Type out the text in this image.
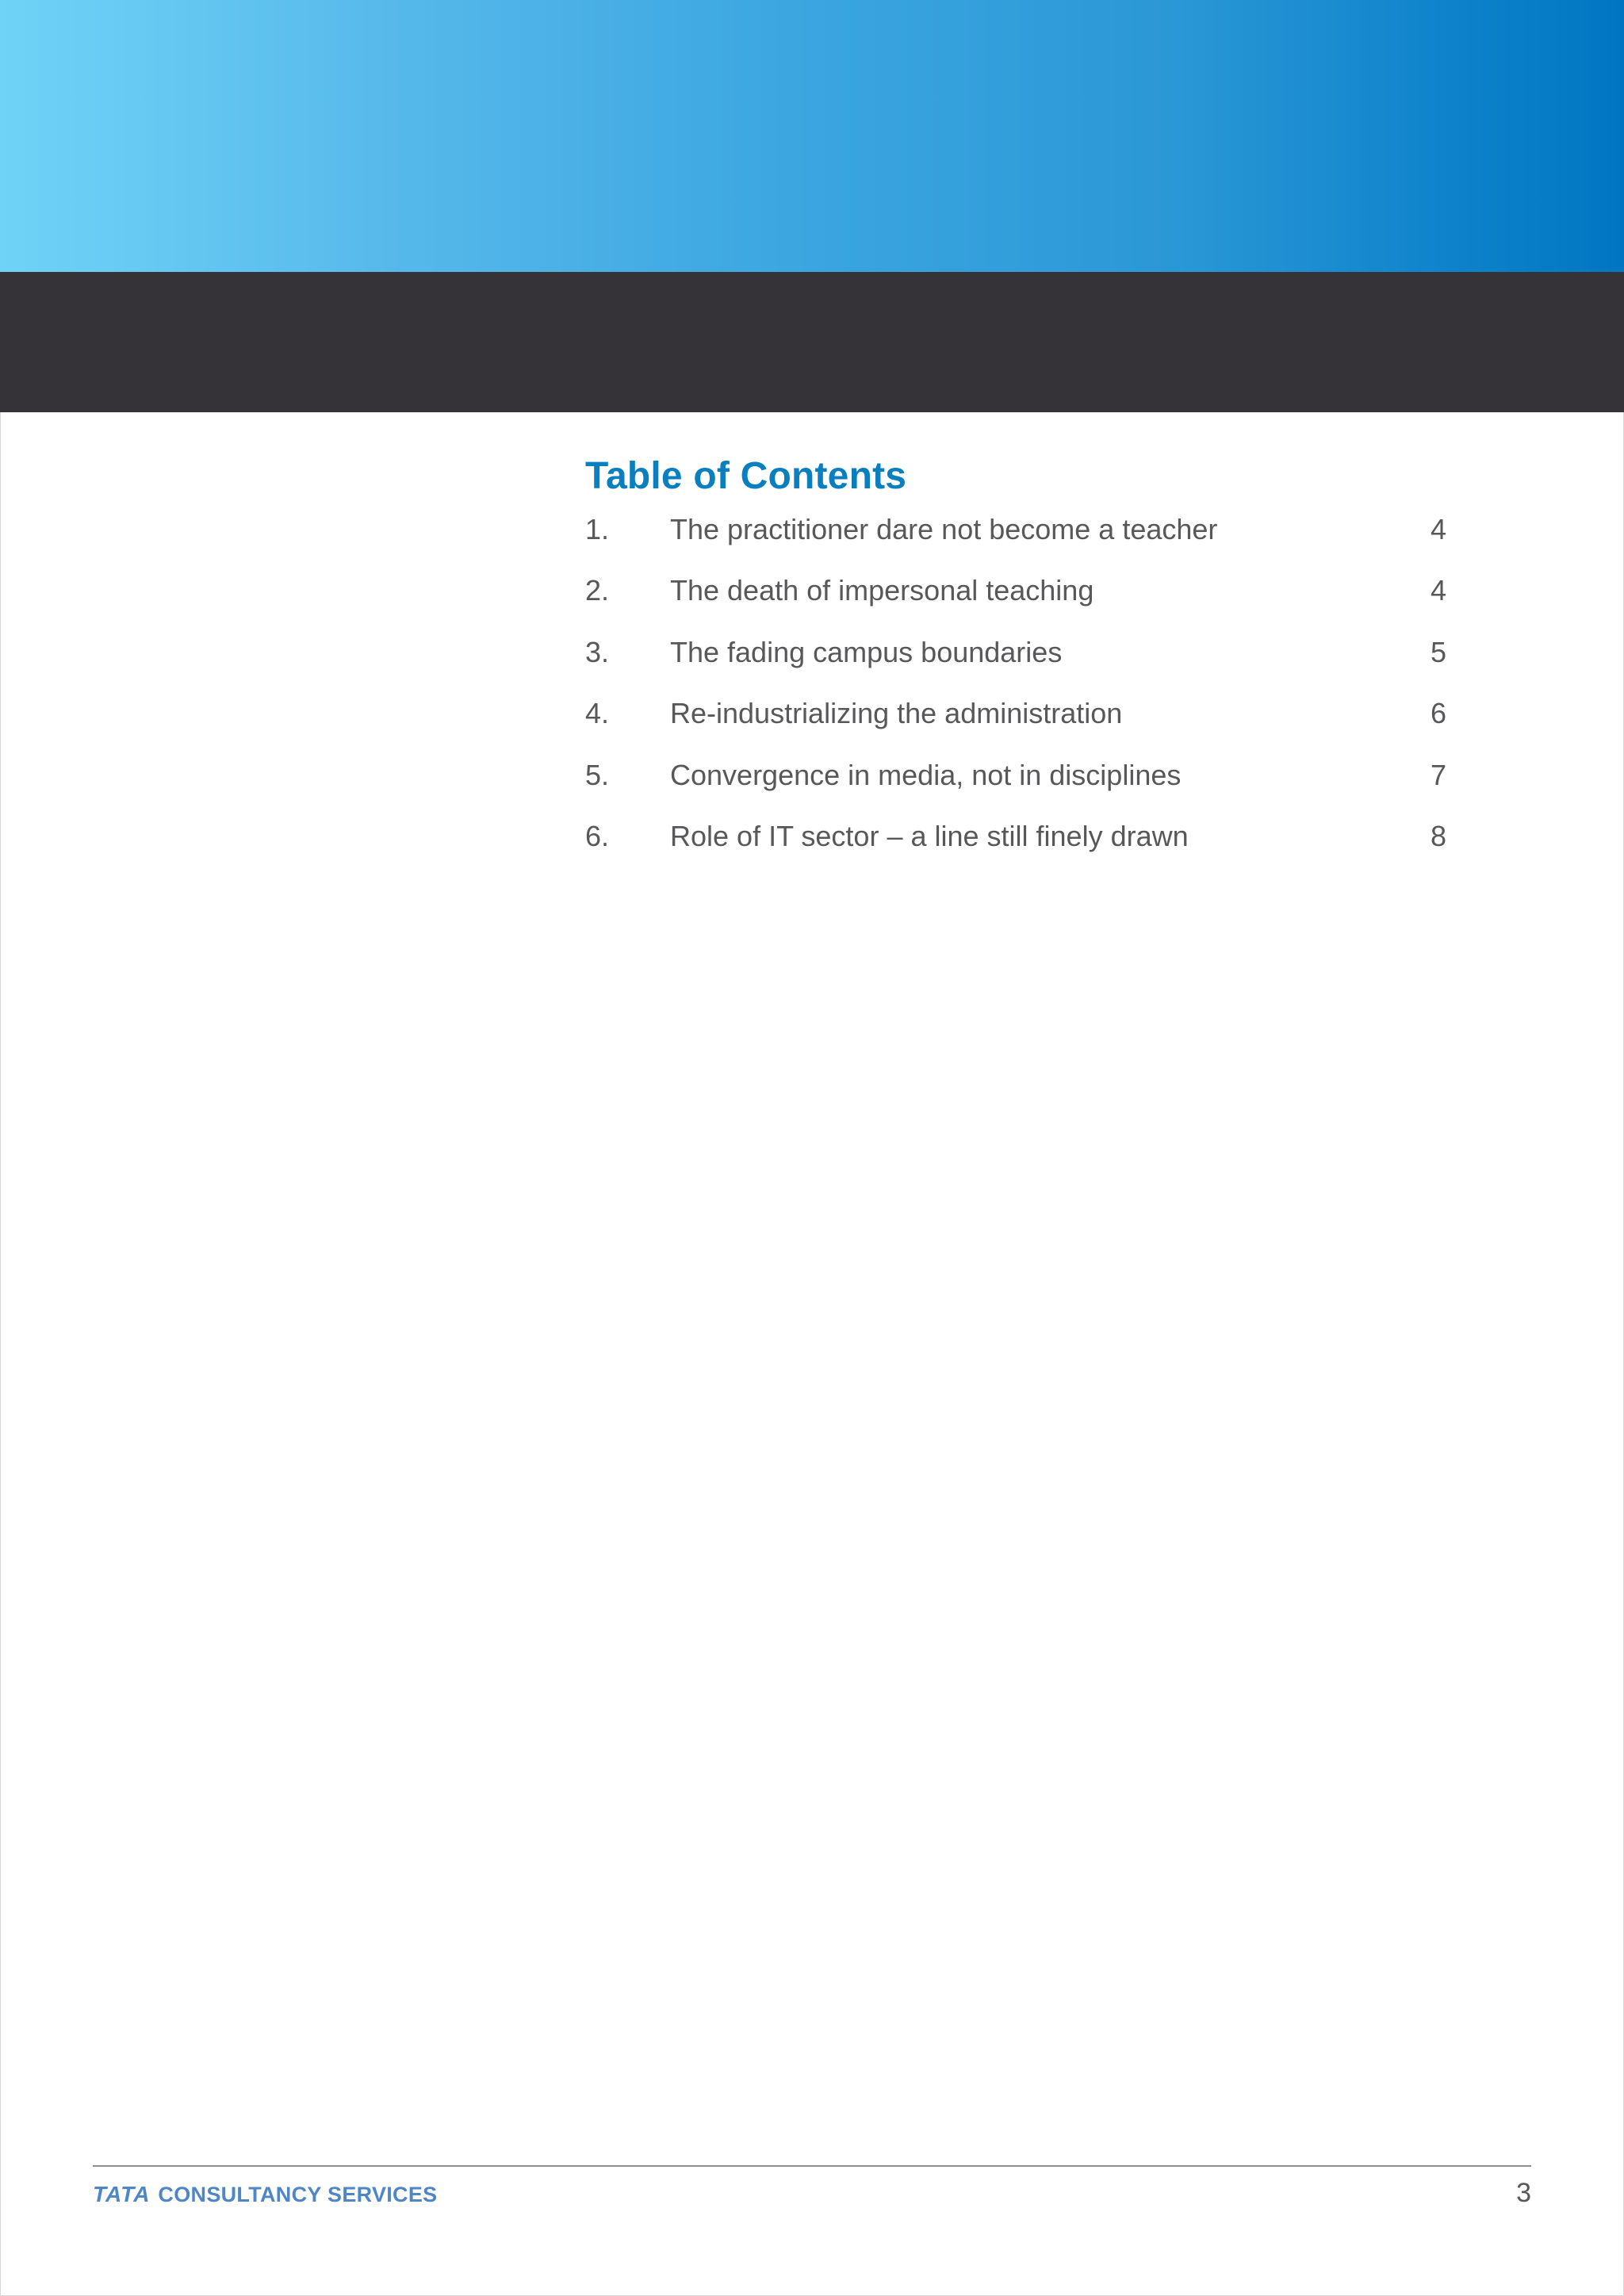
Table of Contents
1. The practitioner dare not become a teacher	4
2. The death of impersonal teaching	4
3. The fading campus boundaries	5
4. Re-industrializing the administration	6
5. Convergence in media, not in disciplines	7
6. Role of IT sector – a line still finely drawn	8
TATA CONSULTANCY SERVICES	3
